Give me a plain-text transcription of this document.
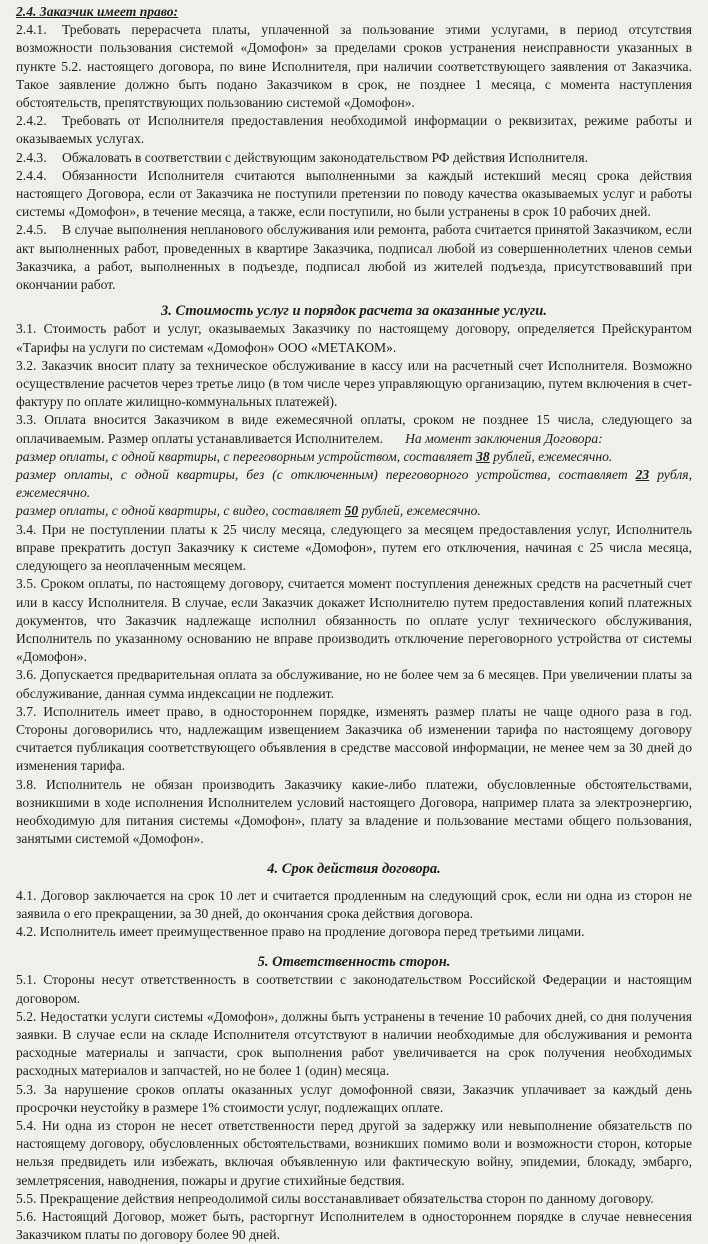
2.4. Заказчик имеет право:

2.4.1. Требовать перерасчета платы, уплаченной за пользование этими услугами, в период отсутствия возможности пользования системой «Домофон» за пределами сроков устранения неисправности указанных в пункте 5.2. настоящего договора, по вине Исполнителя, при наличии соответствующего заявления от Заказчика. Такое заявление должно быть подано Заказчиком в срок, не позднее 1 месяца, с момента наступления обстоятельств, препятствующих пользованию системой «Домофон».

2.4.2. Требовать от Исполнителя предоставления необходимой информации о реквизитах, режиме работы и оказываемых услугах.

2.4.3. Обжаловать в соответствии с действующим законодательством РФ действия Исполнителя.

2.4.4. Обязанности Исполнителя считаются выполненными за каждый истекший месяц срока действия настоящего Договора, если от Заказчика не поступили претензии по поводу качества оказываемых услуг и работы системы «Домофон», в течение месяца, а также, если поступили, но были устранены в срок 10 рабочих дней.

2.4.5. В случае выполнения непланового обслуживания или ремонта, работа считается принятой Заказчиком, если акт выполненных работ, проведенных в квартире Заказчика, подписал любой из совершеннолетних членов семьи Заказчика, а работ, выполненных в подъезде, подписал любой из жителей подъезда, присутствовавший при окончании работ.

3. Стоимость услуг и порядок расчета за оказанные услуги.

3.1. Стоимость работ и услуг, оказываемых Заказчику по настоящему договору, определяется Прейскурантом «Тарифы на услуги по системам «Домофон» ООО «МЕТАКОМ».

3.2. Заказчик вносит плату за техническое обслуживание в кассу или на расчетный счет Исполнителя. Возможно осуществление расчетов через третье лицо (в том числе через управляющую организацию, путем включения в счет-фактуру по оплате жилищно-коммунальных платежей).

3.3. Оплата вносится Заказчиком в виде ежемесячной оплаты, сроком не позднее 15 числа, следующего за оплачиваемым. Размер оплаты устанавливается Исполнителем. На момент заключения Договора:

размер оплаты, с одной квартиры, с переговорным устройством, составляет 38 рублей, ежемесячно.

размер оплаты, с одной квартиры, без (с отключенным) переговорного устройства, составляет 23 рубля, ежемесячно.

размер оплаты, с одной квартиры, с видео, составляет 50 рублей, ежемесячно.

3.4. При не поступлении платы к 25 числу месяца, следующего за месяцем предоставления услуг, Исполнитель вправе прекратить доступ Заказчику к системе «Домофон», путем его отключения, начиная с 25 числа месяца, следующего за неоплаченным месяцем.

3.5. Сроком оплаты, по настоящему договору, считается момент поступления денежных средств на расчетный счет или в кассу Исполнителя. В случае, если Заказчик докажет Исполнителю путем предоставления копий платежных документов, что Заказчик надлежаще исполнил обязанность по оплате услуг технического обслуживания, Исполнитель по указанному основанию не вправе производить отключение переговорного устройства от системы «Домофон».

3.6. Допускается предварительная оплата за обслуживание, но не более чем за 6 месяцев. При увеличении платы за обслуживание, данная сумма индексации не подлежит.

3.7. Исполнитель имеет право, в одностороннем порядке, изменять размер платы не чаще одного раза в год. Стороны договорились что, надлежащим извещением Заказчика об изменении тарифа по настоящему договору считается публикация соответствующего объявления в средстве массовой информации, не менее чем за 30 дней до изменения тарифа.

3.8. Исполнитель не обязан производить Заказчику какие-либо платежи, обусловленные обстоятельствами, возникшими в ходе исполнения Исполнителем условий настоящего Договора, например плата за электроэнергию, необходимую для питания системы «Домофон», плату за владение и пользование местами общего пользования, занятыми системой «Домофон».

4. Срок действия договора.

4.1. Договор заключается на срок 10 лет и считается продленным на следующий срок, если ни одна из сторон не заявила о его прекращении, за 30 дней, до окончания срока действия договора.

4.2. Исполнитель имеет преимущественное право на продление договора перед третьими лицами.

5. Ответственность сторон.

5.1. Стороны несут ответственность в соответствии с законодательством Российской Федерации и настоящим договором.

5.2. Недостатки услуги системы «Домофон», должны быть устранены в течение 10 рабочих дней, со дня получения заявки. В случае если на складе Исполнителя отсутствуют в наличии необходимые для обслуживания и ремонта расходные материалы и запчасти, срок выполнения работ увеличивается на срок получения необходимых расходных материалов и запчастей, но не более 1 (один) месяца.

5.3. За нарушение сроков оплаты оказанных услуг домофонной связи, Заказчик уплачивает за каждый день просрочки неустойку в размере 1% стоимости услуг, подлежащих оплате.

5.4. Ни одна из сторон не несет ответственности перед другой за задержку или невыполнение обязательств по настоящему договору, обусловленных обстоятельствами, возникших помимо воли и возможности сторон, которые нельзя предвидеть или избежать, включая объявленную или фактическую войну, эпидемии, блокаду, эмбарго, землетрясения, наводнения, пожары и другие стихийные бедствия.

5.5. Прекращение действия непреодолимой силы восстанавливает обязательства сторон по данному договору.

5.6. Настоящий Договор, может быть, расторгнут Исполнителем в одностороннем порядке в случае невнесения Заказчиком платы по договору более 90 дней.
